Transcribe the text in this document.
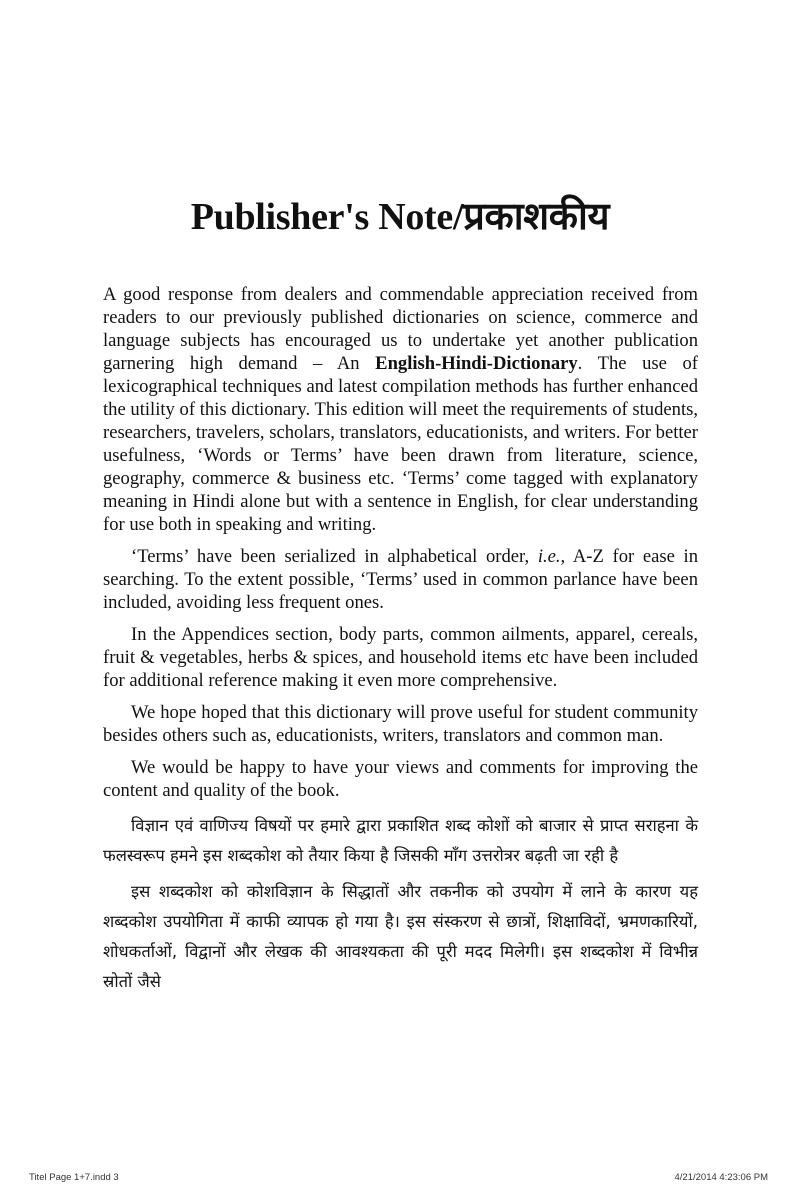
Publisher's Note/प्रकाशकीय

A good response from dealers and commendable appreciation received from readers to our previously published dictionaries on science, commerce and language subjects has encouraged us to undertake yet another publication garnering high demand – An English-Hindi-Dictionary. The use of lexicographical techniques and latest compilation methods has further enhanced the utility of this dictionary. This edition will meet the requirements of students, researchers, travelers, scholars, translators, educationists, and writers. For better usefulness, ‘Words or Terms’ have been drawn from literature, science, geography, commerce & business etc. ‘Terms’ come tagged with explanatory meaning in Hindi alone but with a sentence in English, for clear understanding for use both in speaking and writing.

‘Terms’ have been serialized in alphabetical order, i.e., A-Z for ease in searching. To the extent possible, ‘Terms’ used in common parlance have been included, avoiding less frequent ones.

In the Appendices section, body parts, common ailments, apparel, cereals, fruit & vegetables, herbs & spices, and household items etc have been included for additional reference making it even more comprehensive.

We hope hoped that this dictionary will prove useful for student community besides others such as, educationists, writers, translators and common man.

We would be happy to have your views and comments for improving the content and quality of the book.

विज्ञान एवं वाणिज्य विषयों पर हमारे द्वारा प्रकाशित शब्द कोशों को बाजार से प्राप्त सराहना के फलस्वरूप हमने इस शब्दकोश को तैयार किया है जिसकी माँग उत्तरोत्रर बढ़ती जा रही है

इस शब्दकोश को कोशविज्ञान के सिद्धातों और तकनीक को उपयोग में लाने के कारण यह शब्दकोश उपयोगिता में काफी व्यापक हो गया है। इस संस्करण से छात्रों, शिक्षाविदों, भ्रमणकारियों, शोधकर्ताओं, विद्वानों और लेखक की आवश्यकता की पूरी मदद मिलेगी। इस शब्दकोश में विभीन्न स्रोतों जैसे

Titel Page 1+7.indd 3	4/21/2014 4:23:06 PM
